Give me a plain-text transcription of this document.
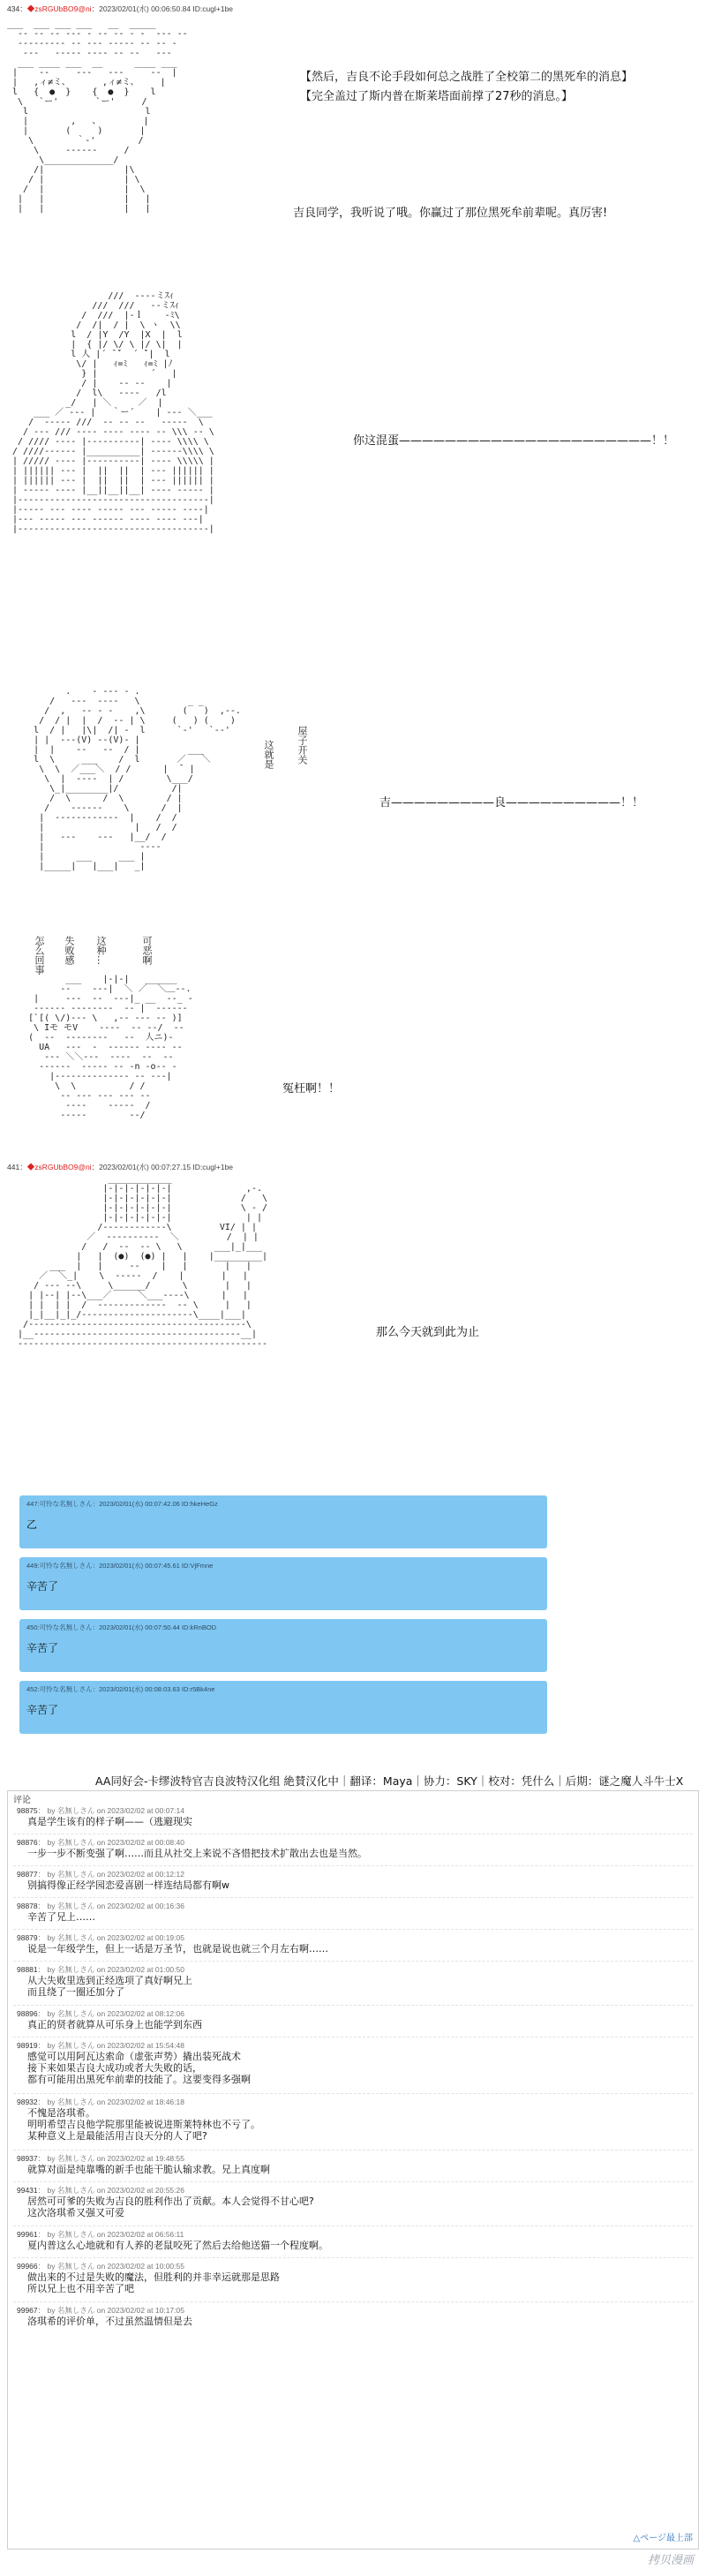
434：◆zsRGUbBO9@ni：2023/02/01(水) 00:06:50.84 ID:cugl+1be
___  ___ ___ ___   __  _____
‐‐ ‐‐ ‐‐ ‐‐‐ ‐ ‐‐ ‐‐ ‐ ‐  ‐‐‐ ‐‐
‐‐‐‐‐‐‐‐‐ ‐‐ ‐‐‐ ‐‐‐‐‐ ‐‐ ‐‐ ‐
‐‐‐   ‐‐‐‐‐ ‐‐‐‐ ‐‐ ‐‐   ‐‐‐
___ ____ ___  __      ____ ___
|    ‐‐     ‐‐‐   ‐‐‐     ‐‐  |
|   ,ィ≠ミ、      ,ィ≠ミ、    |
l   {  ●  }    {  ●  }    l
\   `ー'       `ー'     /
l                      l
|        ,   、        |
|       (     )       |
\        ｀‐'        /
\     ‐‐‐‐‐‐     /
\_____________/
/|               |\
/ |               | \
/  |               |  \
|   |               |   |
|   |               |   |
【然后，吉良不论手段如何总之战胜了全校第二的黑死牟的消息】
【完全盖过了斯内普在斯莱塔面前撑了27秒的消息。】
吉良同学，我听说了哦。你赢过了那位黑死牟前辈呢。真厉害!
///  ‐‐‐‐ミｽｨ
///  ///   ‐‐ミｽｨ
/  ///  |‐ｌ    ‐ﾐ\
/  /|  / |  \ ヽ  \\
l  / |Y  /Y  |X  |  l
|  { |/ \/ \ |/ \|  |
l 人 |´ ̄ ̄`  ´ ̄`|  l
\/ |   ｨ=ﾐ   ｨ=ﾐ |ﾉ
} |          ´   |
/ |    ‐‐ ‐‐    |
/  l\   ‐‐‐‐   /l
_/   | ＼     ／  |
___ ／ ‐‐‐ |   ｀ー´    | ‐‐‐ ＼___
/  ‐‐‐‐‐ ///  ‐‐ ‐‐ ‐‐   ‐‐‐‐‐  \
/ ‐‐‐ /// ‐‐‐‐ ‐‐‐‐ ‐‐‐‐ ‐‐ \\\ ‐‐ \
/ //// ‐‐‐‐ |‐‐‐‐‐‐‐‐‐‐| ‐‐‐‐ \\\\ \
/ ////‐‐‐‐‐‐ |__________| ‐‐‐‐‐‐\\\\ \
| ///// ‐‐‐‐ |‐‐‐‐‐‐‐‐‐‐| ‐‐‐‐ \\\\\ |
| |||||| ‐‐‐ |  ||  ||  | ‐‐‐ |||||| |
| |||||| ‐‐‐ |  ||  ||  | ‐‐‐ |||||| |
| ‐‐‐‐‐ ‐‐‐‐ |__||__||__| ‐‐‐‐ ‐‐‐‐‐ |
|‐‐‐‐‐‐‐‐‐‐‐‐‐‐‐‐‐‐‐‐‐‐‐‐‐‐‐‐‐‐‐‐‐‐‐‐|
|‐‐‐‐‐ ‐‐‐ ‐‐‐‐ ‐‐‐‐‐ ‐‐‐ ‐‐‐‐‐ ‐‐‐‐|
|‐‐‐ ‐‐‐‐‐ ‐‐‐ ‐‐‐‐‐‐ ‐‐‐‐ ‐‐‐‐ ‐‐‐|
|‐‐‐‐‐‐‐‐‐‐‐‐‐‐‐‐‐‐‐‐‐‐‐‐‐‐‐‐‐‐‐‐‐‐‐‐|
你这混蛋——————————————————————！！
.    ‐ ‐‐‐ ‐ .
/   ‐‐‐  ‐‐‐‐   \         _ _
/  ,   ‐‐ ‐ ‐    ,\       (   )  ,‐‐.
/  / |  |  /  ‐‐ | \     (   ) (    )
l  / |   |\|  /| ‐  l      `‐'   `‐‐'
| |  ‐‐‐(V) ‐‐(V)‐ |
|  |    ‐‐   ‐‐  / |         ___
l  \     ___    /  l       ／   ＼
\  \  ／___＼  / /      |  ̄  |
\  |  ‐‐‐‐  | /        \___/
\_|________|/          /|
/  \      /  \        / |
/    ‐‐‐‐‐‐    \      /  |
|  ‐‐‐‐‐‐‐‐‐‐‐‐  |    /  /
|                 |   /  /
|   ‐‐‐    ‐‐‐   |__/  /
|                  ‐‐‐‐
|      ___     ___ |
|_____|   |___|   _|
这就是
屋子开关
吉—————————良——————————！！

___    |‐|‐|   ______
‐‐    ‐‐‐|  ＼ ／  ＼＿‐‐.
|     ‐‐‐  ‐‐  ‐‐‐|_ __  ‐‐_ ‐
‐‐‐‐‐‐ ‐‐‐‐‐‐‐‐  ‐‐ |  ‐‐‐‐‐‐
[`[( \/)‐‐‐ \   ,‐‐ ‐‐‐ ‐‐ )]
\ Iモ モV    ‐‐‐‐  ‐‐ ‐‐/  ‐‐
(  ‐‐  ‐‐‐‐‐‐‐‐   ‐‐  人ニ)‐
UA   ‐‐‐  ‐  ‐‐‐‐‐‐ ‐‐‐‐ ‐‐
‐‐‐ ＼＼‐‐‐  ‐‐‐‐  ‐‐  ‐‐
‐‐‐‐‐‐  ‐‐‐‐‐ ‐‐ ‐n ‐o‐‐ ‐
|‐‐‐‐‐‐‐‐‐‐‐‐‐‐ ‐‐ ‐‐‐|
\  \          / /
‐‐ ‐‐‐ ‐‐‐ ‐‐‐ ‐‐
‐‐‐‐    ‐‐‐‐‐  /
‐‐‐‐‐        ‐‐/
怎么回事
失败感
这种…
可恶啊
冤枉啊！！
441：◆zsRGUbBO9@ni：2023/02/01(水) 00:07:27.15 ID:cugl+1be
____________
|‐|‐|‐|‐|‐|‐|              ,‐.
|‐|‐|‐|‐|‐|‐|             /   \
|‐|‐|‐|‐|‐|‐|             \ ‐ /
|‐|‐|‐|‐|‐|‐|              | |
/‐‐‐‐‐‐‐‐‐‐‐‐\         VI/ | |
／  ‐‐‐‐‐‐‐‐‐‐  ＼         /  | |
/   /  ‐‐  ‐‐ \   \      ___|_|___
|   |  (●)  (●) |   |    |_________|
___  |   |     ‐‐    |   |       |   |
／  ＼_|    \  ‐‐‐‐‐  /    |       |   |
/ ‐‐‐ ‐‐\     \______/      \       |   |
| |‐‐| |‐‐\___／     ＼___‐‐‐‐\      |   |
| |  | |  /  ‐‐‐‐‐‐‐‐‐‐‐‐‐  ‐‐ \     |   |
|_|__|_|_/‐‐‐‐‐‐‐‐‐‐‐‐‐‐‐‐‐‐‐‐‐\____|___|
/‐‐‐‐‐‐‐‐‐‐‐‐‐‐‐‐‐‐‐‐‐‐‐‐‐‐‐‐‐‐‐‐‐‐‐‐‐‐‐‐‐\
|__‐‐‐‐‐‐‐‐‐‐‐‐‐‐‐‐‐‐‐‐‐‐‐‐‐‐‐‐‐‐‐‐‐‐‐‐‐‐‐__|
‐‐‐‐‐‐‐‐‐‐‐‐‐‐‐‐‐‐‐‐‐‐‐‐‐‐‐‐‐‐‐‐‐‐‐‐‐‐‐‐‐‐‐‐‐‐‐
那么今天就到此为止
447:可怜な名無しさん：2023/02/01(水) 00:07:42.06 ID:hkeHeGz
乙
449:可怜な名無しさん：2023/02/01(水) 00:07:45.61 ID:VjFmne
辛苦了
450:可怜な名無しさん：2023/02/01(水) 00:07:50.44 ID:kRnBOD
辛苦了
452:可怜な名無しさん：2023/02/01(水) 00:08:03.63 ID:r5Bk4ne
辛苦了
AA同好会-卡缪波特官吉良波特汉化组 絶賛汉化中｜翻译：Maya｜协力：SKY｜校对：凭什么｜后期：谜之魔人斗牛士X
评论
98875： by 名無しさん on 2023/02/02 at 00:07:14
真是学生该有的样子啊——（逃避现实
98876： by 名無しさん on 2023/02/02 at 00:08:40
一步一步不断变强了啊……而且从社交上来说不吝惜把技术扩散出去也是当然。
98877： by 名無しさん on 2023/02/02 at 00:12:12
别搞得像正经学园恋爱喜剧一样连结局都有啊w
98878： by 名無しさん on 2023/02/02 at 00:16:36
辛苦了兄上……
98879： by 名無しさん on 2023/02/02 at 00:19:05
说是一年级学生，但上一话是万圣节，也就是说也就三个月左右啊……
98881： by 名無しさん on 2023/02/02 at 01:00:50
从大失败里选到正经选项了真好啊兄上
而且绕了一圈还加分了
98896： by 名無しさん on 2023/02/02 at 08:12:06
真正的贤者就算从可乐身上也能学到东西
98919： by 名無しさん on 2023/02/02 at 15:54:48
感觉可以用阿瓦达索命（虚张声势）撬出装死战术
接下来如果吉良大成功或者大失败的话，
都有可能用出黑死牟前辈的技能了。这要变得多强啊
98932： by 名無しさん on 2023/02/02 at 18:46:18
不愧是洛琪希。
明明希望吉良他学院那里能被说进斯莱特林也不亏了。
某种意义上是最能活用吉良天分的人了吧?
98937： by 名無しさん on 2023/02/02 at 19:48:55
就算对面是纯靠嘴的新手也能干脆认输求教。兄上真度啊
99431： by 名無しさん on 2023/02/02 at 20:55:26
居然可可爹的失败为吉良的胜利作出了贡献。本人会觉得不甘心吧?
这次洛琪希又强又可爱
99961： by 名無しさん on 2023/02/02 at 06:56:11
夏内普这么心地就和有人养的老鼠咬死了然后去给他送猫一个程度啊。
99966： by 名無しさん on 2023/02/02 at 10:00:55
做出来的不过是失败的魔法，但胜利的并非幸运就那是思路
所以兄上也不用辛苦了吧
99967： by 名無しさん on 2023/02/02 at 10:17:05
洛琪希的评价单，不过虽然温情但是去
△ページ最上部
拷贝漫画
